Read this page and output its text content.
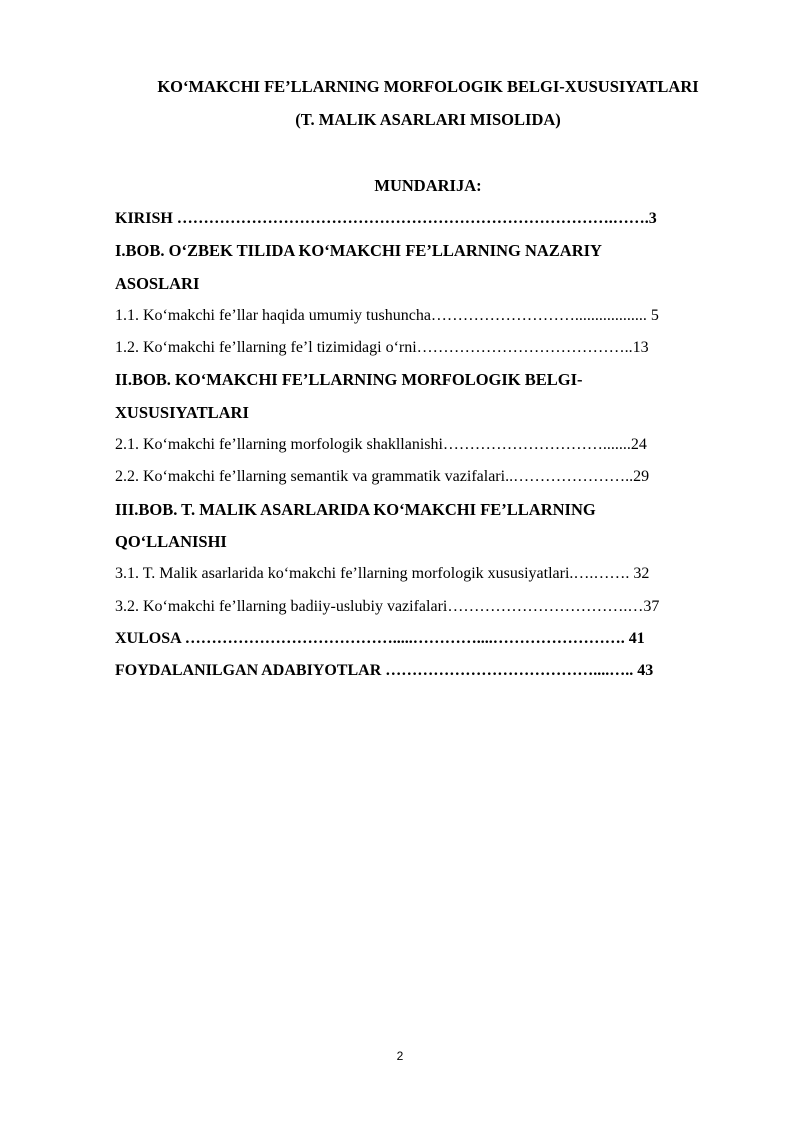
KO‘MAKCHI FE’LLARNING MORFOLOGIK BELGI-XUSUSIYATLARI

(T. MALIK ASARLARI MISOLIDA)

MUNDARIJA:

KIRISH ……………………………………………………………………….…….3
I.BOB. O‘ZBEK TILIDA KO‘MAKCHI FE’LLARNING NAZARIY
ASOSLARI
1.1. Ko‘makchi fe’llar haqida umumiy tushuncha……………………….................. 5
1.2. Ko‘makchi fe’llarning fe’l tizimidagi o‘rni…………………………………..13
II.BOB. KO‘MAKCHI FE’LLARNING MORFOLOGIK BELGI-
XUSUSIYATLARI
2.1. Ko‘makchi fe’llarning morfologik shakllanishi………………………….......24
2.2. Ko‘makchi fe’llarning semantik va grammatik vazifalari..…………………..29
III.BOB. T. MALIK ASARLARIDA KO‘MAKCHI FE’LLARNING
QO‘LLANISHI
3.1. T. Malik asarlarida ko‘makchi fe’llarning morfologik xususiyatlari.….……. 32
3.2. Ko‘makchi fe’llarning badiiy-uslubiy vazifalari…………………………….…37
XULOSA ………………………………….....…………....……………………. 41
FOYDALANILGAN ADABIYOTLAR …………………………………....….. 43
2
